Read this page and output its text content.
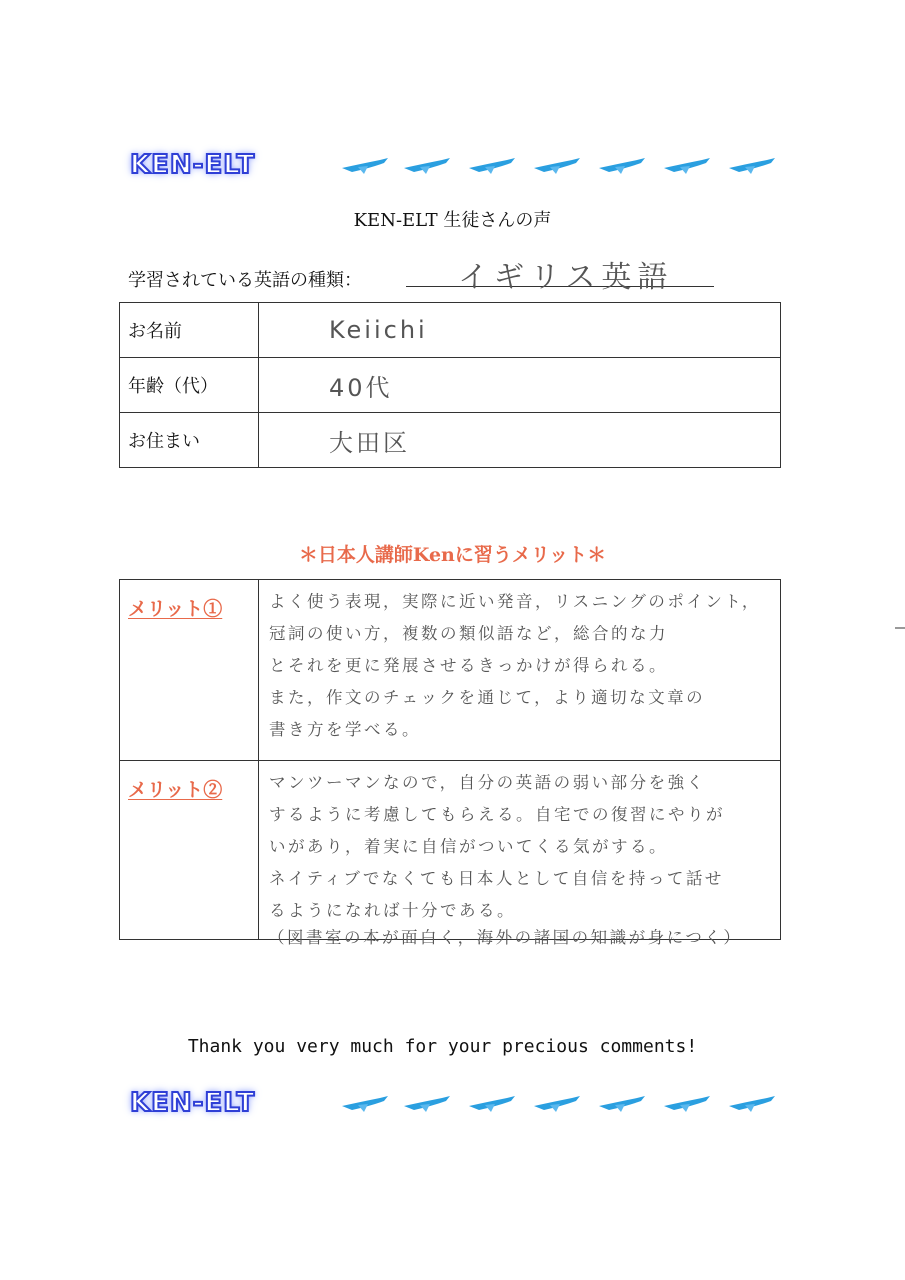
KEN-ELT
KEN-ELT 生徒さんの声
学習されている英語の種類：	イギリス英語
お名前	Keiichi
年齢（代）	40代
お住まい	大田区
＊日本人講師Kenに習うメリット＊
メリット①	よく使う表現，実際に近い発音，リスニングのポイント，
冠詞の使い方，複数の類似語など，総合的な力
とそれを更に発展させるきっかけが得られる。
また，作文のチェックを通じて，より適切な文章の
書き方を学べる。

メリット②	マンツーマンなので，自分の英語の弱い部分を強く
するように考慮してもらえる。自宅での復習にやりが
いがあり，着実に自信がついてくる気がする。
ネイティブでなくても日本人として自信を持って話せ
るようになれば十分である。
（図書室の本が面白く，海外の諸国の知識が身につく）
Thank you very much for your precious comments!
KEN-ELT
